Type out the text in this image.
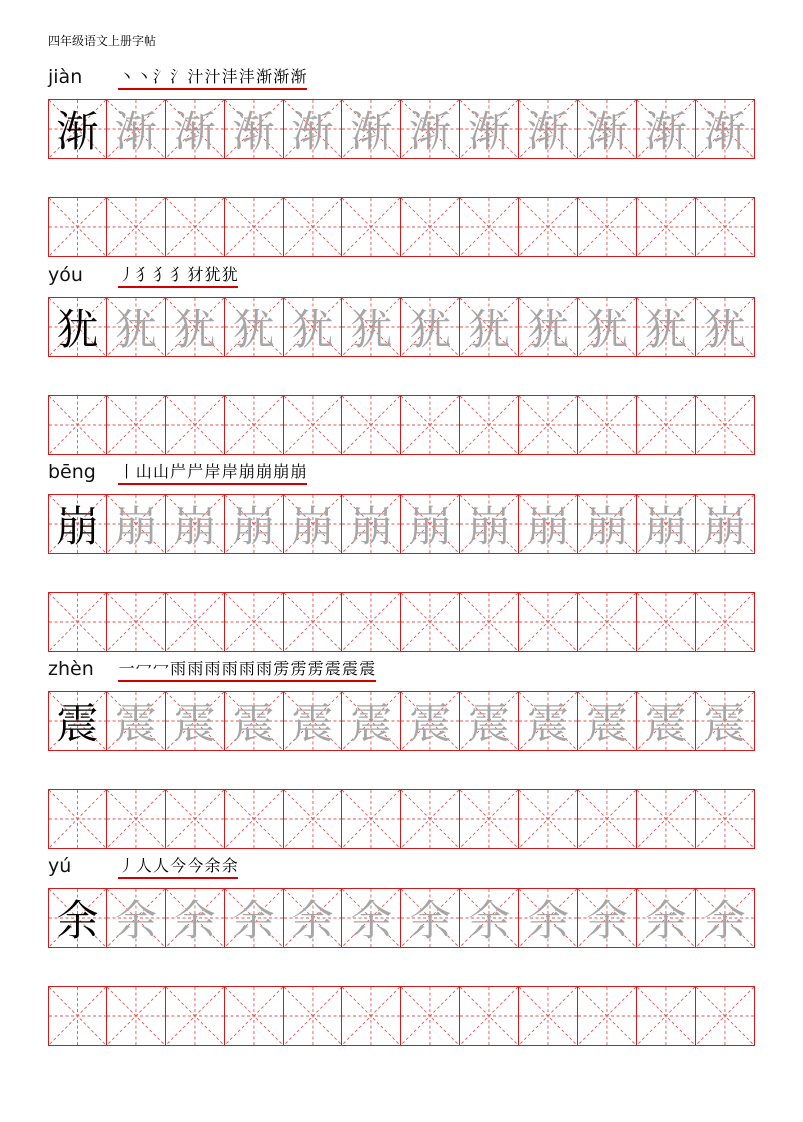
四年级语文上册字帖
jiàn 丶 丶 氵 氵 汁 汁 沣 沣 渐 渐 渐
渐 渐 渐 渐 渐 渐 渐 渐 渐 渐 渐 渐
yóu 丿 犭 犭 犭 犲 犹 犹
犹 犹 犹 犹 犹 犹 犹 犹 犹 犹 犹 犹
bēng 丨 山 山 屵 屵 岸 岸 崩 崩 崩 崩
崩 崩 崩 崩 崩 崩 崩 崩 崩 崩 崩 崩
zhèn 一 冖 冖 雨 雨 雨 雨 雨 雨 雳 雳 雳 震 震 震
震 震 震 震 震 震 震 震 震 震 震 震
yú	丿 人 人 今 今 余 余
余 余 余 余 余 余 余 余 余 余 余 余
